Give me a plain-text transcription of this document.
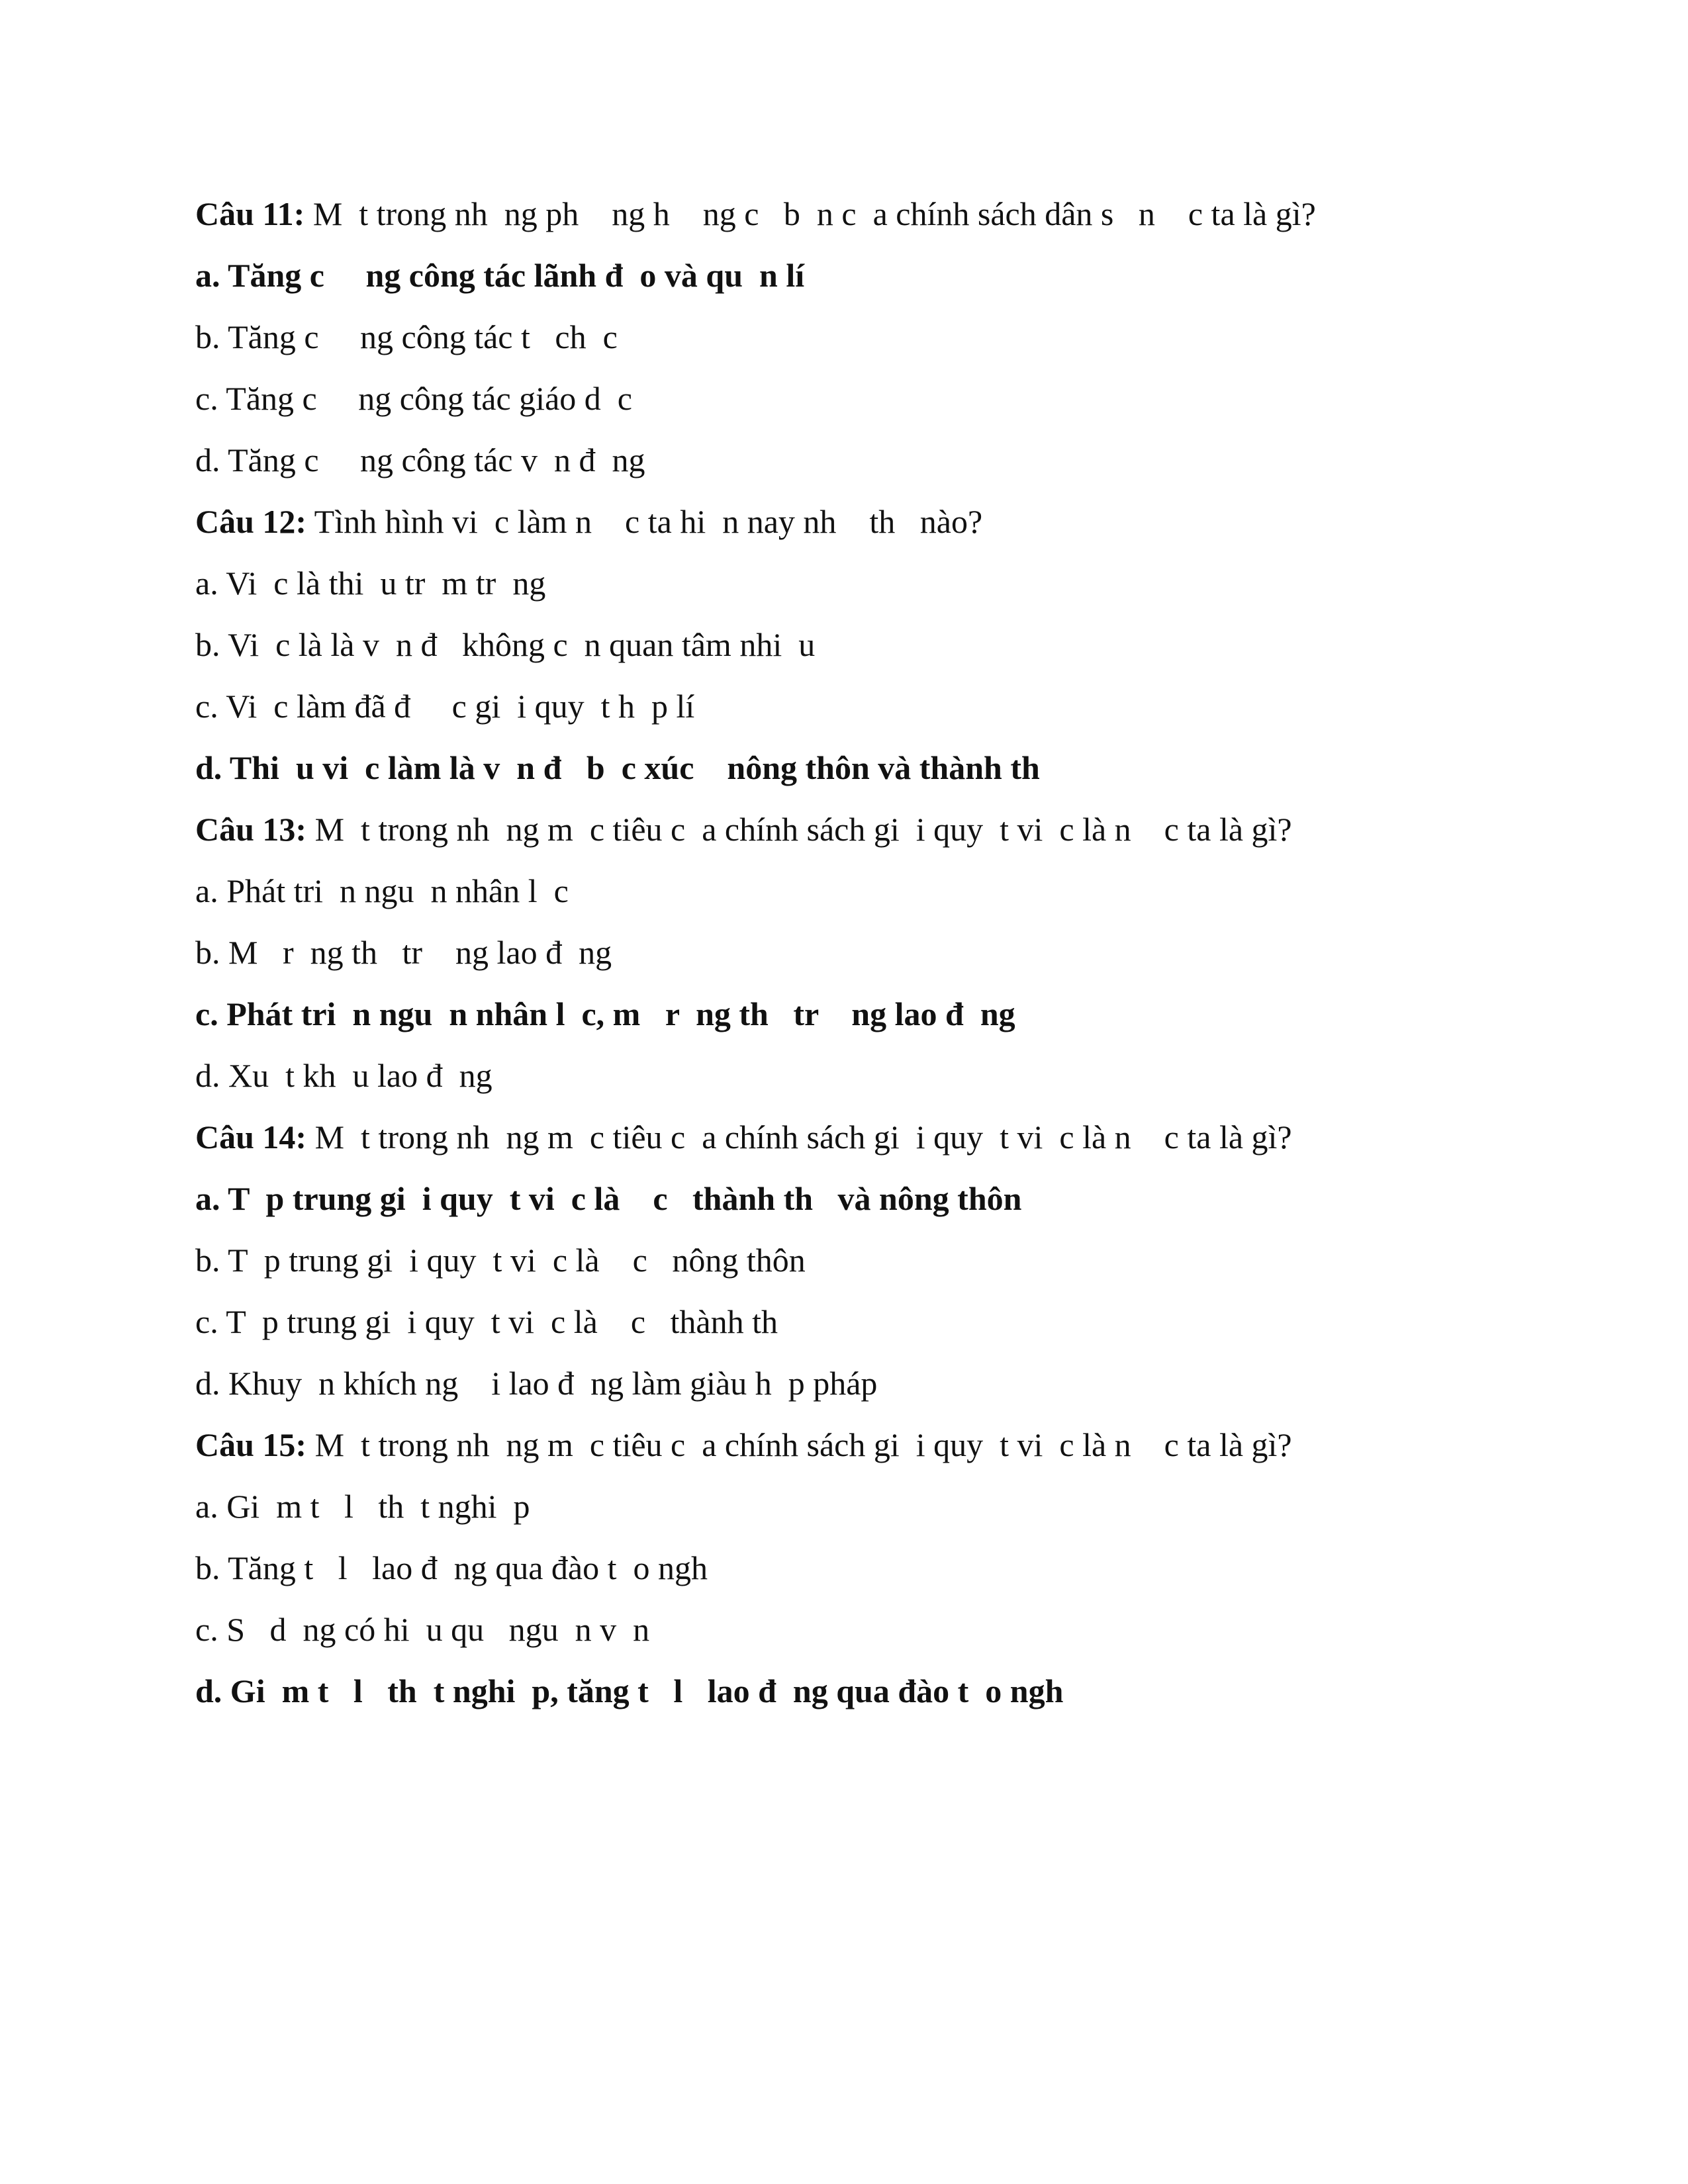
Câu 11: M  t trong nh  ng ph    ng h    ng c   b  n c  a chính sách dân s   n    c ta là gì?
a. Tăng c     ng công tác lãnh đ  o và qu  n lí
b. Tăng c     ng công tác t   ch  c
c. Tăng c     ng công tác giáo d  c
d. Tăng c     ng công tác v  n đ  ng
Câu 12: Tình hình vi  c làm n    c ta hi  n nay nh    th   nào?
a. Vi  c là thi  u tr  m tr  ng
b. Vi  c là là v  n đ   không c  n quan tâm nhi  u
c. Vi  c làm đã đ     c gi  i quy  t h  p lí
d. Thi  u vi  c làm là v  n đ   b  c xúc    nông thôn và thành th
Câu 13: M  t trong nh  ng m  c tiêu c  a chính sách gi  i quy  t vi  c là n    c ta là gì?
a. Phát tri  n ngu  n nhân l  c
b. M   r  ng th   tr    ng lao đ  ng
c. Phát tri  n ngu  n nhân l  c, m   r  ng th   tr    ng lao đ  ng
d. Xu  t kh  u lao đ  ng
Câu 14: M  t trong nh  ng m  c tiêu c  a chính sách gi  i quy  t vi  c là n    c ta là gì?
a. T  p trung gi  i quy  t vi  c là    c   thành th   và nông thôn
b. T  p trung gi  i quy  t vi  c là    c   nông thôn
c. T  p trung gi  i quy  t vi  c là    c   thành th
d. Khuy  n khích ng    i lao đ  ng làm giàu h  p pháp
Câu 15: M  t trong nh  ng m  c tiêu c  a chính sách gi  i quy  t vi  c là n    c ta là gì?
a. Gi  m t   l   th  t nghi  p
b. Tăng t   l   lao đ  ng qua đào t  o ngh
c. S   d  ng có hi  u qu   ngu  n v  n
d. Gi  m t   l   th  t nghi  p, tăng t   l   lao đ  ng qua đào t  o ngh
